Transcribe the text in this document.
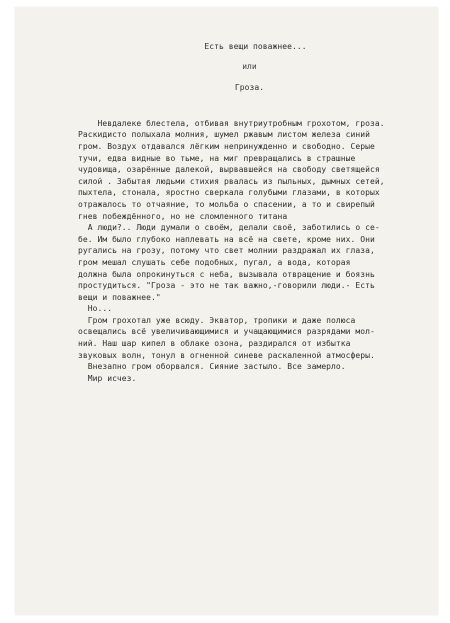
Есть вещи поважнее...
или
Гроза.
Невдалеке блестела, отбивая внутриутробным грохотом, гроза.
Раскидисто полыхала молния, шумел ржавым листом железа синий
гром. Воздух отдавался лёгким непринужденно и свободно. Серые
тучи, едва видные во тьме, на миг превращались в страшные
чудовища, озарённые далекой, вырвавшейся на свободу светящейся
силой . Забытая людьми стихия рвалась из пыльных, дымных сетей,
пыхтела, стонала, яростно сверкала голубыми глазами, в которых
отражалось то отчаяние, то мольба о спасении, а то и свирепый
гнев побеждённого, но не сломленного титана
А люди?.. Люди думали о своём, делали своё, заботились о се-
бе. Им было глубоко наплевать на всё на свете, кроме них. Они
ругались на грозу, потому что свет молнии раздражал их глаза,
гром мешал слушать себе подобных, пугал, а вода, которая
должна была опрокинуться с неба, вызывала отвращение и боязнь
простудиться. "Гроза - это не так важно,-говорили люди.- Есть
вещи и поважнее."
Но...
Гром грохотал уже всюду. Экватор, тропики и даже полюса
освещались всё увеличивающимися и учащающимися разрядами мол-
ний. Наш шар кипел в облаке озона, раздирался от избытка
звуковых волн, тонул в огненной синеве раскаленной атмосферы.
Внезапно гром оборвался. Сияние застыло. Все замерло.
Мир исчез.
